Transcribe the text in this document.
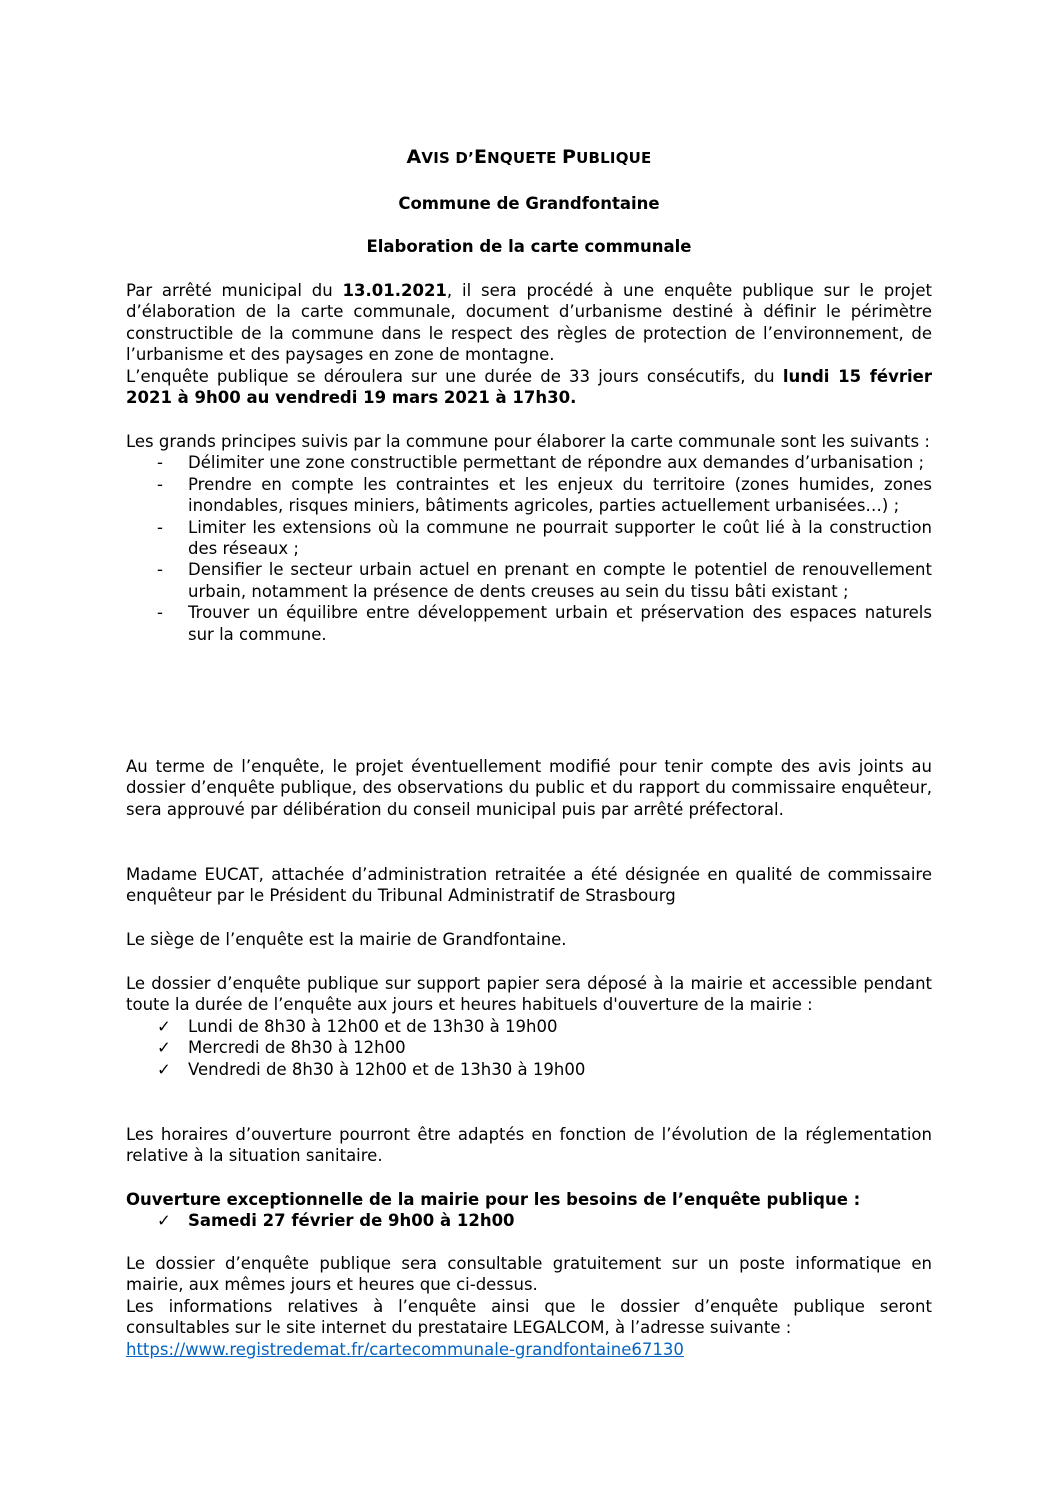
AVIS D’ENQUETE PUBLIQUE
Commune de Grandfontaine
Elaboration de la carte communale

Par arrêté municipal du 13.01.2021, il sera procédé à une enquête publique sur le projet d’élaboration de la carte communale, document d’urbanisme destiné à définir le périmètre constructible de la commune dans le respect des règles de protection de l’environnement, de l’urbanisme et des paysages en zone de montagne.

L’enquête publique se déroulera sur une durée de 33 jours consécutifs, du lundi 15 février 2021 à 9h00 au vendredi 19 mars 2021 à 17h30.

Les grands principes suivis par la commune pour élaborer la carte communale sont les suivants :

- Délimiter une zone constructible permettant de répondre aux demandes d’urbanisation ;
- Prendre en compte les contraintes et les enjeux du territoire (zones humides, zones inondables, risques miniers, bâtiments agricoles, parties actuellement urbanisées…) ;
- Limiter les extensions où la commune ne pourrait supporter le coût lié à la construction des réseaux ;
- Densifier le secteur urbain actuel en prenant en compte le potentiel de renouvellement urbain, notamment la présence de dents creuses au sein du tissu bâti existant ;
- Trouver un équilibre entre développement urbain et préservation des espaces naturels sur la commune.

Au terme de l’enquête, le projet éventuellement modifié pour tenir compte des avis joints au dossier d’enquête publique, des observations du public et du rapport du commissaire enquêteur, sera approuvé par délibération du conseil municipal puis par arrêté préfectoral.

Madame EUCAT, attachée d’administration retraitée a été désignée en qualité de commissaire enquêteur par le Président du Tribunal Administratif de Strasbourg

Le siège de l’enquête est la mairie de Grandfontaine.

Le dossier d’enquête publique sur support papier sera déposé à la mairie et accessible pendant toute la durée de l’enquête aux jours et heures habituels d'ouverture de la mairie :

✓ Lundi de 8h30 à 12h00 et de 13h30 à 19h00
✓ Mercredi de 8h30 à 12h00
✓ Vendredi de 8h30 à 12h00 et de 13h30 à 19h00

Les horaires d’ouverture pourront être adaptés en fonction de l’évolution de la réglementation relative à la situation sanitaire.

Ouverture exceptionnelle de la mairie pour les besoins de l’enquête publique :

✓ Samedi 27 février de 9h00 à 12h00

Le dossier d’enquête publique sera consultable gratuitement sur un poste informatique en mairie, aux mêmes jours et heures que ci-dessus.

Les informations relatives à l’enquête ainsi que le dossier d’enquête publique seront consultables sur le site internet du prestataire LEGALCOM, à l’adresse suivante :

https://www.registredemat.fr/cartecommunale-grandfontaine67130
